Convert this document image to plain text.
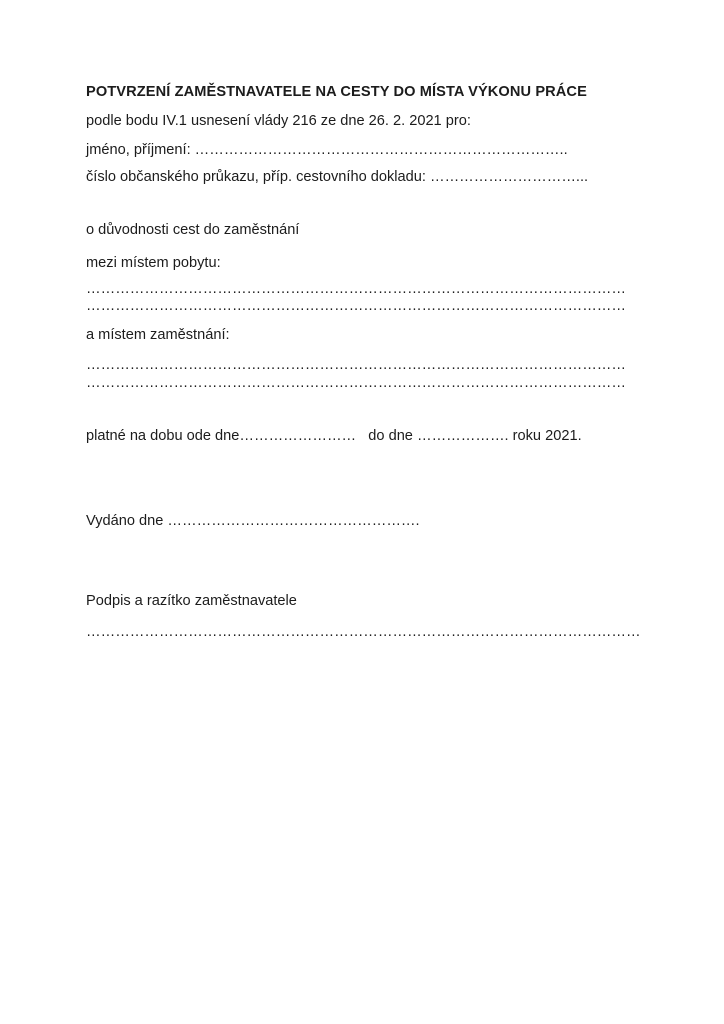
POTVRZENÍ ZAMĚSTNAVATELE NA CESTY DO MÍSTA VÝKONU PRÁCE
podle bodu IV.1 usnesení vlády 216 ze dne 26. 2. 2021 pro:
jméno, příjmení: …………………………………………………………………..
číslo občanského průkazu, příp. cestovního dokladu: …………………………...
o důvodnosti cest do zaměstnání
mezi místem pobytu:
…………………………………………………………………………………………………
…………………………………………………………………………………………………
a místem zaměstnání:
…………………………………………………………………………………………………
…………………………………………………………………………………………………
platné na dobu ode dne……………………   do dne ………………. roku 2021.
Vydáno dne …………………………………………….
Podpis a razítko zaměstnavatele
……………………………………………………………………………………………………
